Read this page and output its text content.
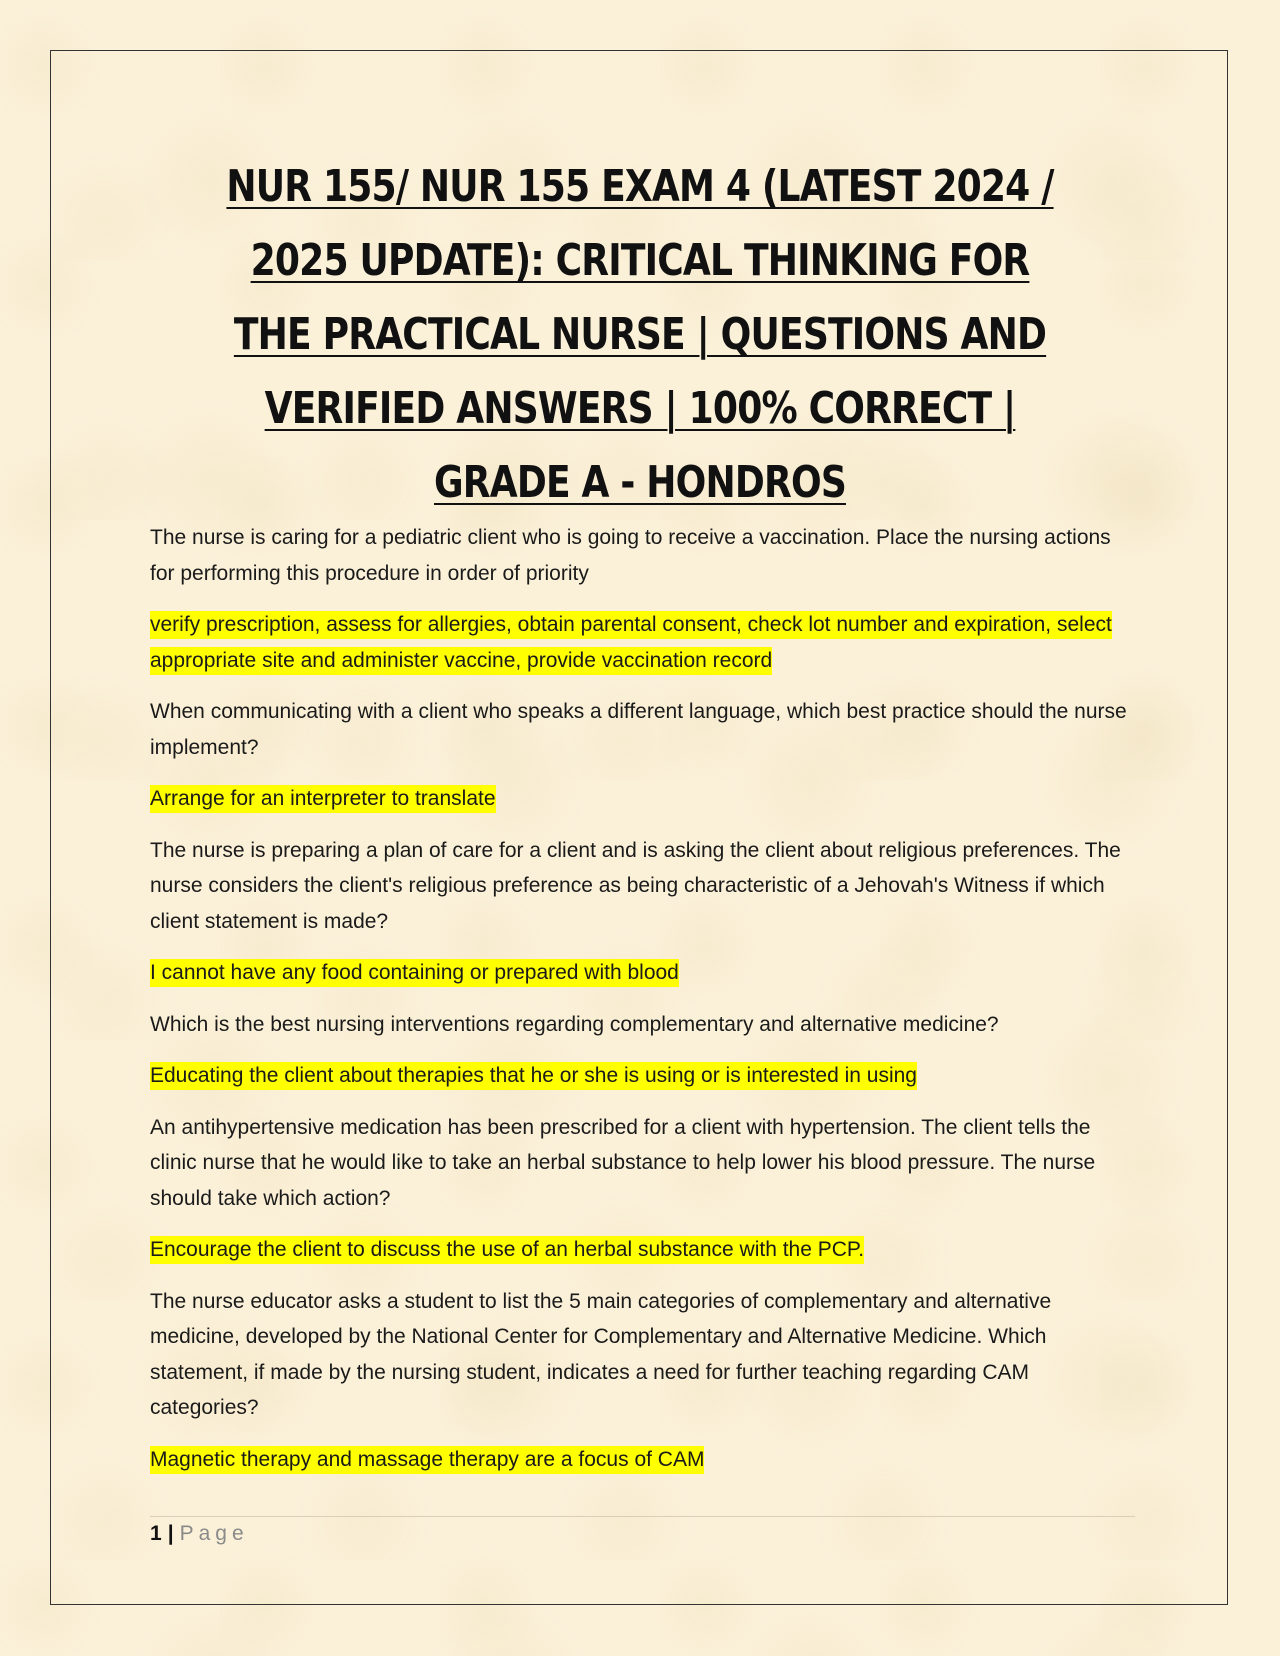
NUR 155/ NUR 155 EXAM 4 (LATEST 2024 / 2025 UPDATE): CRITICAL THINKING FOR THE PRACTICAL NURSE | QUESTIONS AND VERIFIED ANSWERS | 100% CORRECT | GRADE A - HONDROS

The nurse is caring for a pediatric client who is going to receive a vaccination. Place the nursing actions for performing this procedure in order of priority

verify prescription, assess for allergies, obtain parental consent, check lot number and expiration, select appropriate site and administer vaccine, provide vaccination record

When communicating with a client who speaks a different language, which best practice should the nurse implement?

Arrange for an interpreter to translate

The nurse is preparing a plan of care for a client and is asking the client about religious preferences. The nurse considers the client's religious preference as being characteristic of a Jehovah's Witness if which client statement is made?

I cannot have any food containing or prepared with blood

Which is the best nursing interventions regarding complementary and alternative medicine?

Educating the client about therapies that he or she is using or is interested in using

An antihypertensive medication has been prescribed for a client with hypertension. The client tells the clinic nurse that he would like to take an herbal substance to help lower his blood pressure. The nurse should take which action?

Encourage the client to discuss the use of an herbal substance with the PCP.

The nurse educator asks a student to list the 5 main categories of complementary and alternative medicine, developed by the National Center for Complementary and Alternative Medicine. Which statement, if made by the nursing student, indicates a need for further teaching regarding CAM categories?

Magnetic therapy and massage therapy are a focus of CAM

1 | Page
